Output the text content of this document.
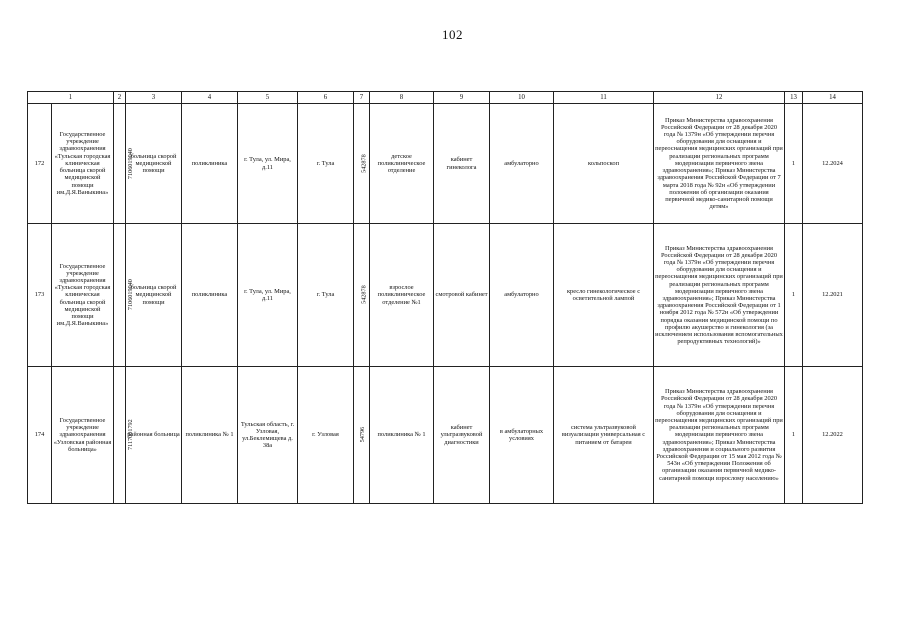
102
1		2	3	4	5	6	7	8	9	10	11	12	13	14
172	Государственное учреждение здравоохранения «Тульская городская клиническая больница скорой медицинской помощи им.Д.Я.Ваныкина»	7106019040	больница скорой медицинской помощи	поликлиника	г. Тула, ул. Мира, д.11	г. Тула	542878	детское поликлиническое отделение	кабинет гинеколога	амбулаторно	кольпоскоп	Приказ Министерства здравоохранения Российской Федерации от 28 декабря 2020 года № 1379н «Об утверждении перечня оборудования для оснащения и переоснащения медицинских организаций при реализации региональных программ модернизации первичного звена здравоохранения»; Приказ Министерства здравоохранения Российской Федерации от 7 марта 2018 года № 92н «Об утверждении положения об организации оказания первичной медико-санитарной помощи детям»	1	12.2024
173	Государственное учреждение здравоохранения «Тульская городская клиническая больница скорой медицинской помощи им.Д.Я.Ваныкина»	7106019040	больница скорой медицинской помощи	поликлиника	г. Тула, ул. Мира, д.11	г. Тула	542878	взрослое поликлиническое отделение №1	смотровой кабинет	амбулаторно	кресло гинекологическое с осветительной лампой	Приказ Министерства здравоохранения Российской Федерации от 28 декабря 2020 года № 1379н «Об утверждении перечня оборудования для оснащения и переоснащения медицинских организаций при реализации региональных программ модернизации первичного звена здравоохранения»; Приказ Министерства здравоохранения Российской Федерации от 1 ноября 2012 года № 572н «Об утверждении порядка оказания медицинской помощи по профилю акушерство и гинекология (за исключением использования вспомогательных репродуктивных технологий)»	1	12.2021
174	Государственное учреждение здравоохранения «Узловская районная больница»	7117001792	районная больница	поликлиника № 1	Тульская область, г. Узловая, ул.Беклемищева д. 38а	г. Узловая	54796	поликлиника № 1	кабинет ультразвуковой диагностики	в амбулаторных условиях	система ультразвуковой визуализации универсальная с питанием от батареи	Приказ Министерства здравоохранения Российской Федерации от 28 декабря 2020 года № 1379н «Об утверждении перечня оборудования для оснащения и переоснащения медицинских организаций при реализации региональных программ модернизации первичного звена здравоохранения»; Приказ Министерства здравоохранения и социального развития Российской Федерации от 15 мая 2012 года № 543н «Об утверждении Положения об организации оказания первичной медико-санитарной помощи взрослому населению»	1	12.2022
